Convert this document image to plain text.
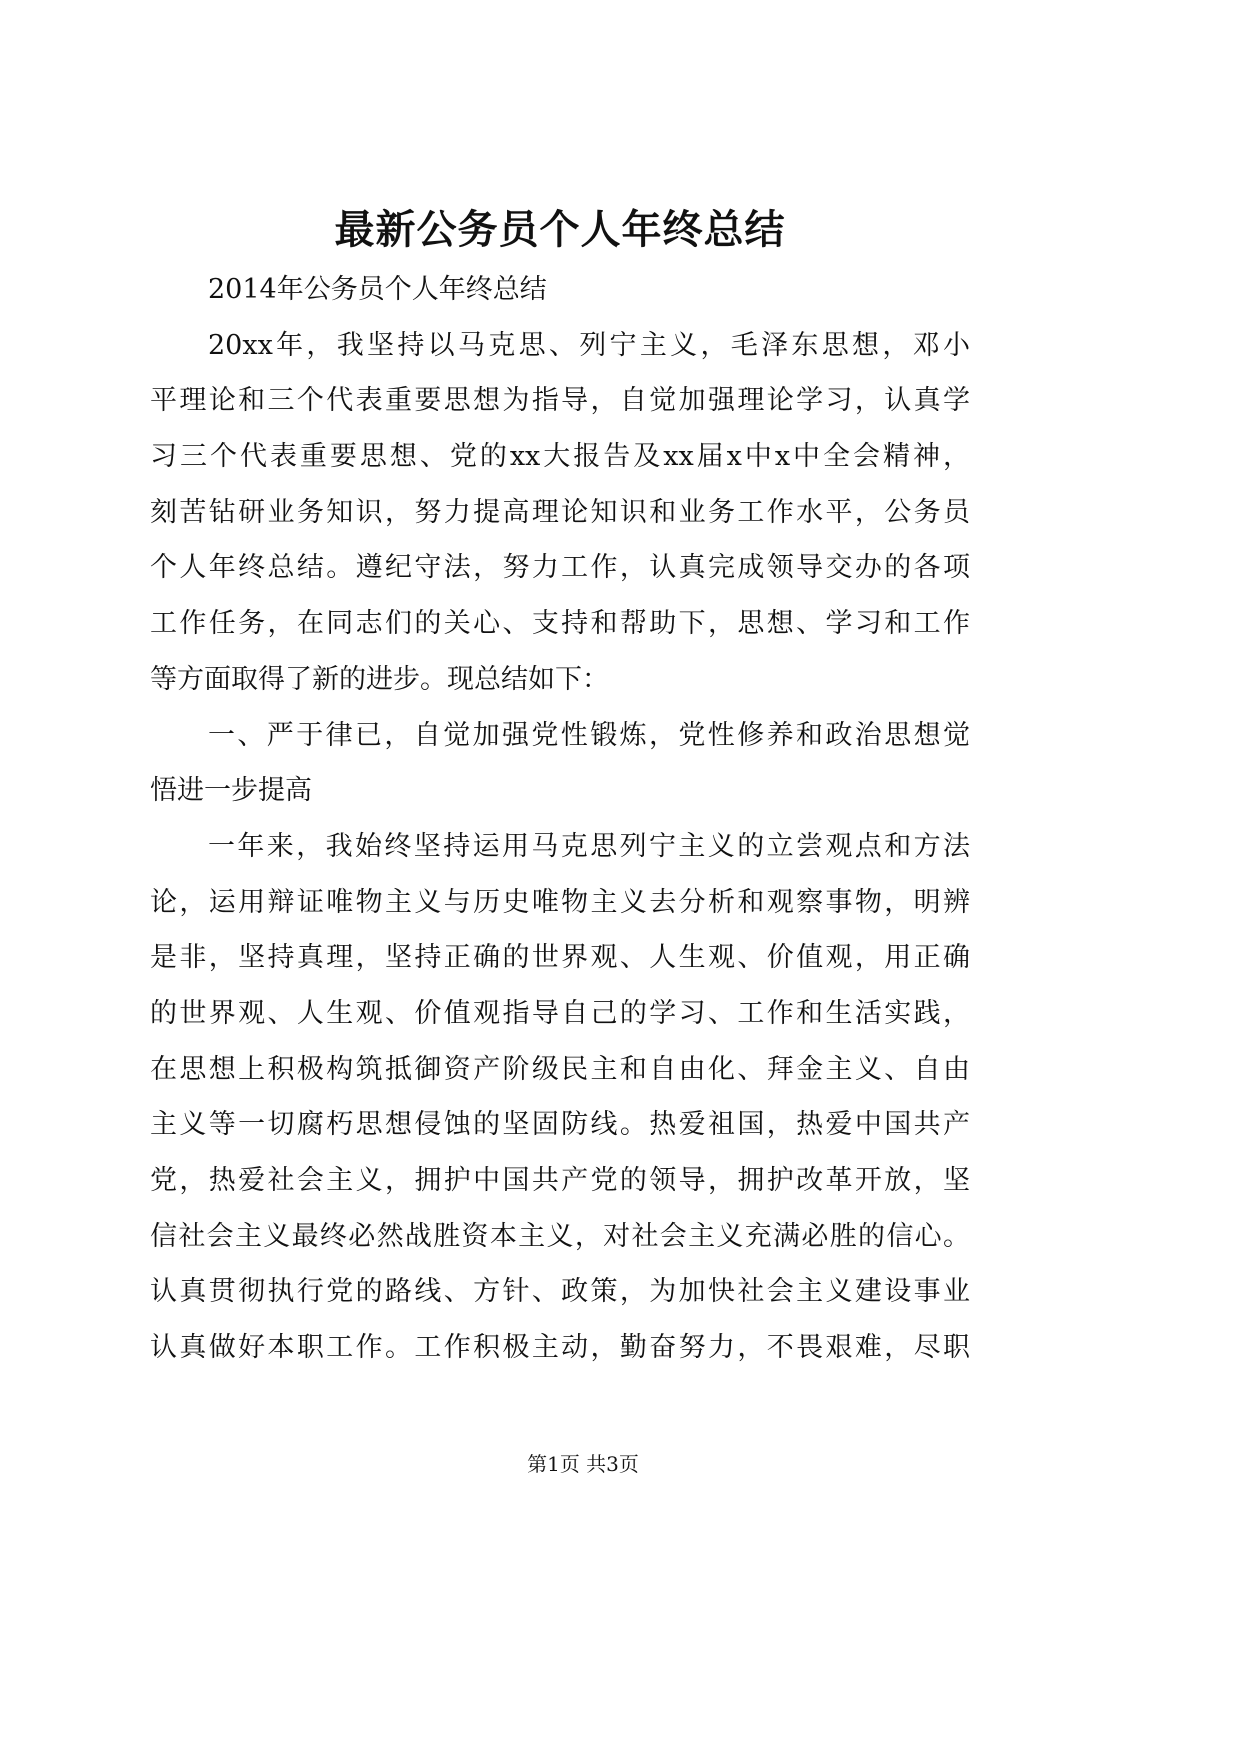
最新公务员个人年终总结
2014年公务员个人年终总结
20xx年，我坚持以马克思、列宁主义，毛泽东思想，邓小
平理论和三个代表重要思想为指导，自觉加强理论学习，认真学
习三个代表重要思想、党的xx大报告及xx届x中x中全会精神，
刻苦钻研业务知识，努力提高理论知识和业务工作水平，公务员
个人年终总结。遵纪守法，努力工作，认真完成领导交办的各项
工作任务，在同志们的关心、支持和帮助下，思想、学习和工作
等方面取得了新的进步。现总结如下：
一、严于律已，自觉加强党性锻炼，党性修养和政治思想觉
悟进一步提高
一年来，我始终坚持运用马克思列宁主义的立尝观点和方法
论，运用辩证唯物主义与历史唯物主义去分析和观察事物，明辨
是非，坚持真理，坚持正确的世界观、人生观、价值观，用正确
的世界观、人生观、价值观指导自己的学习、工作和生活实践，
在思想上积极构筑抵御资产阶级民主和自由化、拜金主义、自由
主义等一切腐朽思想侵蚀的坚固防线。热爱祖国，热爱中国共产
党，热爱社会主义，拥护中国共产党的领导，拥护改革开放，坚
信社会主义最终必然战胜资本主义，对社会主义充满必胜的信心。
认真贯彻执行党的路线、方针、政策，为加快社会主义建设事业
认真做好本职工作。工作积极主动，勤奋努力，不畏艰难，尽职
第1页 共3页
